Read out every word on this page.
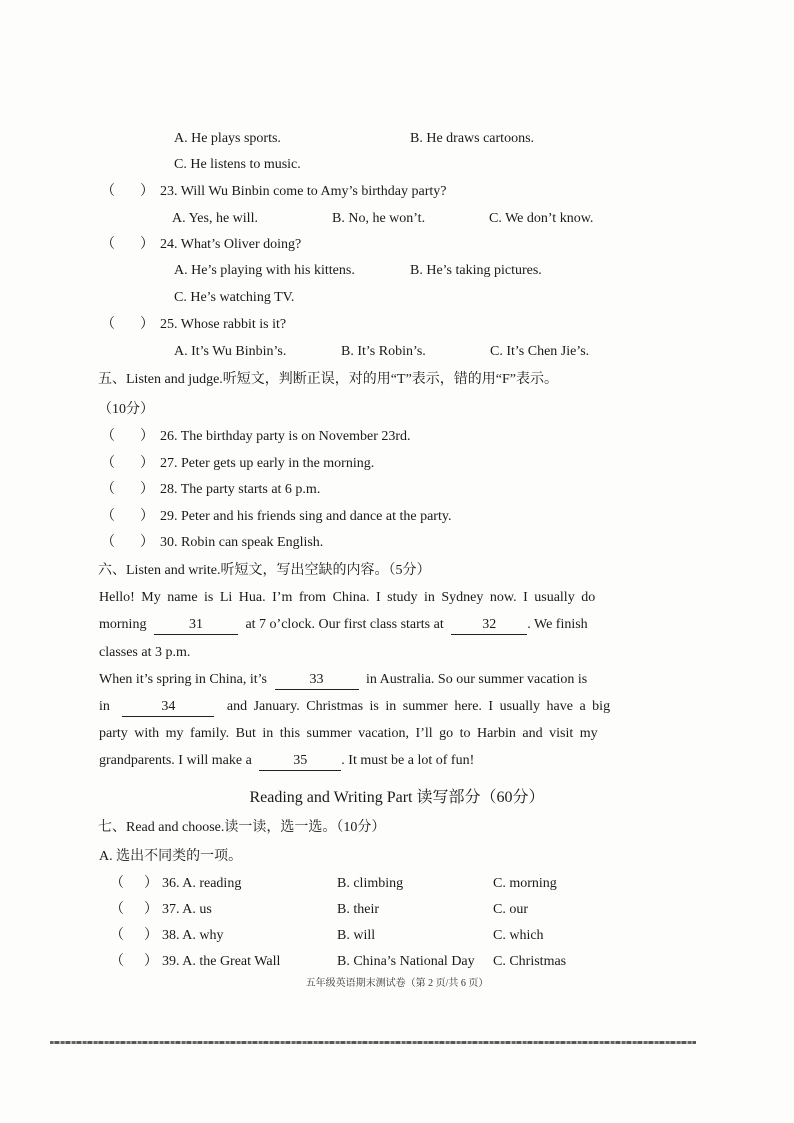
A. He plays sports.	B. He draws cartoons.
C. He listens to music.
（ ） 23. Will Wu Binbin come to Amy’s birthday party?
A. Yes, he will.	B. No, he won’t.	C. We don’t know.
（ ） 24. What’s Oliver doing?
A. He’s playing with his kittens.	B. He’s taking pictures.
C. He’s watching TV.
（ ） 25. Whose rabbit is it?
A. It’s Wu Binbin’s.	B. It’s Robin’s.	C. It’s Chen Jie’s.
五、Listen and judge.听短文，判断正误，对的用“T”表示，错的用“F”表示。
（10分）
（ ） 26. The birthday party is on November 23rd.
（ ） 27. Peter gets up early in the morning.
（ ） 28. The party starts at 6 p.m.
（ ） 29. Peter and his friends sing and dance at the party.
（ ） 30. Robin can speak English.
六、Listen and write.听短文，写出空缺的内容。（5分）
Hello! My name is Li Hua. I’m from China. I study in Sydney now. I usually do
morning	31	at 7 o’clock. Our first class starts at	32 . We finish
classes at 3 p.m.
When it’s spring in China, it’s	33	in Australia. So our summer vacation is
in	34	and January. Christmas is in summer here. I usually have a big
party with my family. But in this summer vacation, I’ll go to Harbin and visit my
grandparents. I will make a	35 . It must be a lot of fun!
Reading and Writing Part 读写部分（60分）
七、Read and choose.读一读，选一选。（10分）
A. 选出不同类的一项。
（ ） 36. A. reading	B. climbing	C. morning
（ ） 37. A. us	B. their	C. our
（ ） 38. A. why	B. will	C. which
（ ） 39. A. the Great Wall	B. China’s National Day C. Christmas
五年级英语期末测试卷（第 2 页/共 6 页）
